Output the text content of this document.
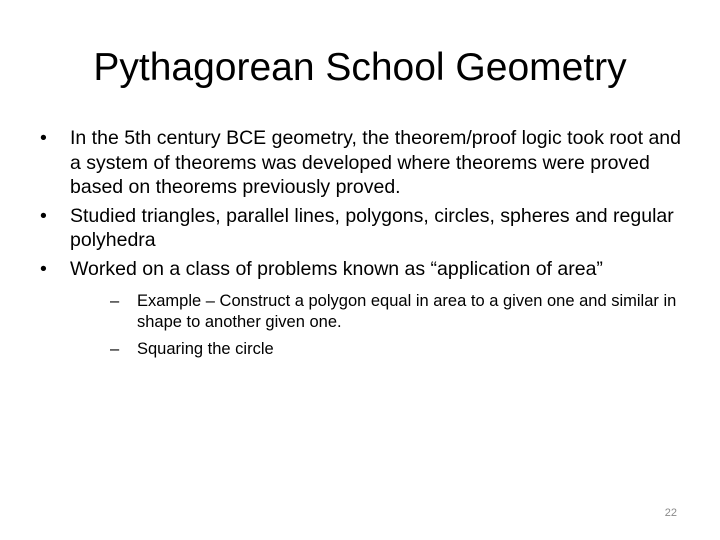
Pythagorean School Geometry
•	In the 5th century BCE geometry, the theorem/proof logic took root and a system of theorems was developed where theorems were proved based on theorems previously proved.
•	Studied triangles, parallel lines, polygons, circles, spheres and regular polyhedra
•	Worked on a class of problems known as “application of area”
–	Example – Construct a polygon equal in area to a given one and similar in shape to another given one.
–	Squaring the circle
22
